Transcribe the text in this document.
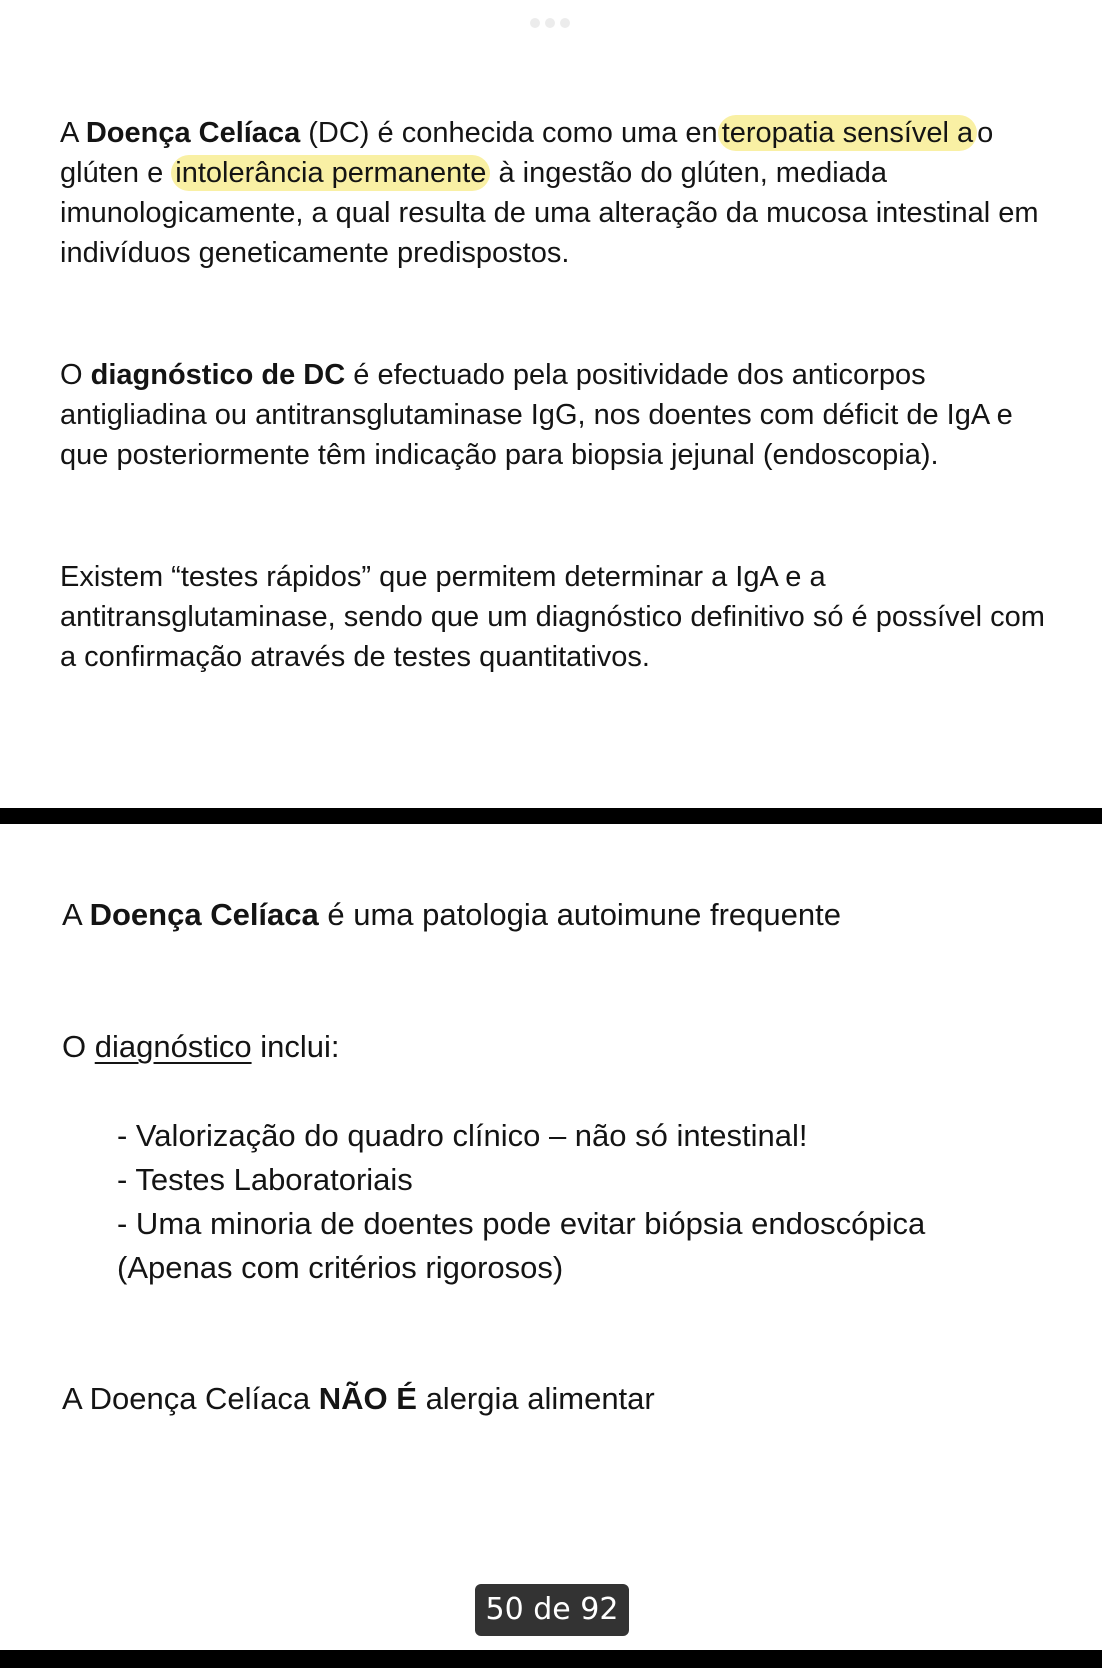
A Doença Celíaca (DC) é conhecida como uma en teropatia sensível a o glúten e intolerância permanente à ingestão do glúten, mediada imunologicamente, a qual resulta de uma alteração da mucosa intestinal em indivíduos geneticamente predispostos.

O diagnóstico de DC é efectuado pela positividade dos anticorpos antigliadina ou antitransglutaminase IgG, nos doentes com déficit de IgA e que posteriormente têm indicação para biopsia jejunal (endoscopia).

Existem “testes rápidos” que permitem determinar a IgA e a antitransglutaminase, sendo que um diagnóstico definitivo só é possível com a confirmação através de testes quantitativos.

A Doença Celíaca é uma patologia autoimune frequente

O diagnóstico inclui:

- Valorização do quadro clínico – não só intestinal!
- Testes Laboratoriais
- Uma minoria de doentes pode evitar biópsia endoscópica
(Apenas com critérios rigorosos)

A Doença Celíaca NÃO É alergia alimentar

50 de 92
